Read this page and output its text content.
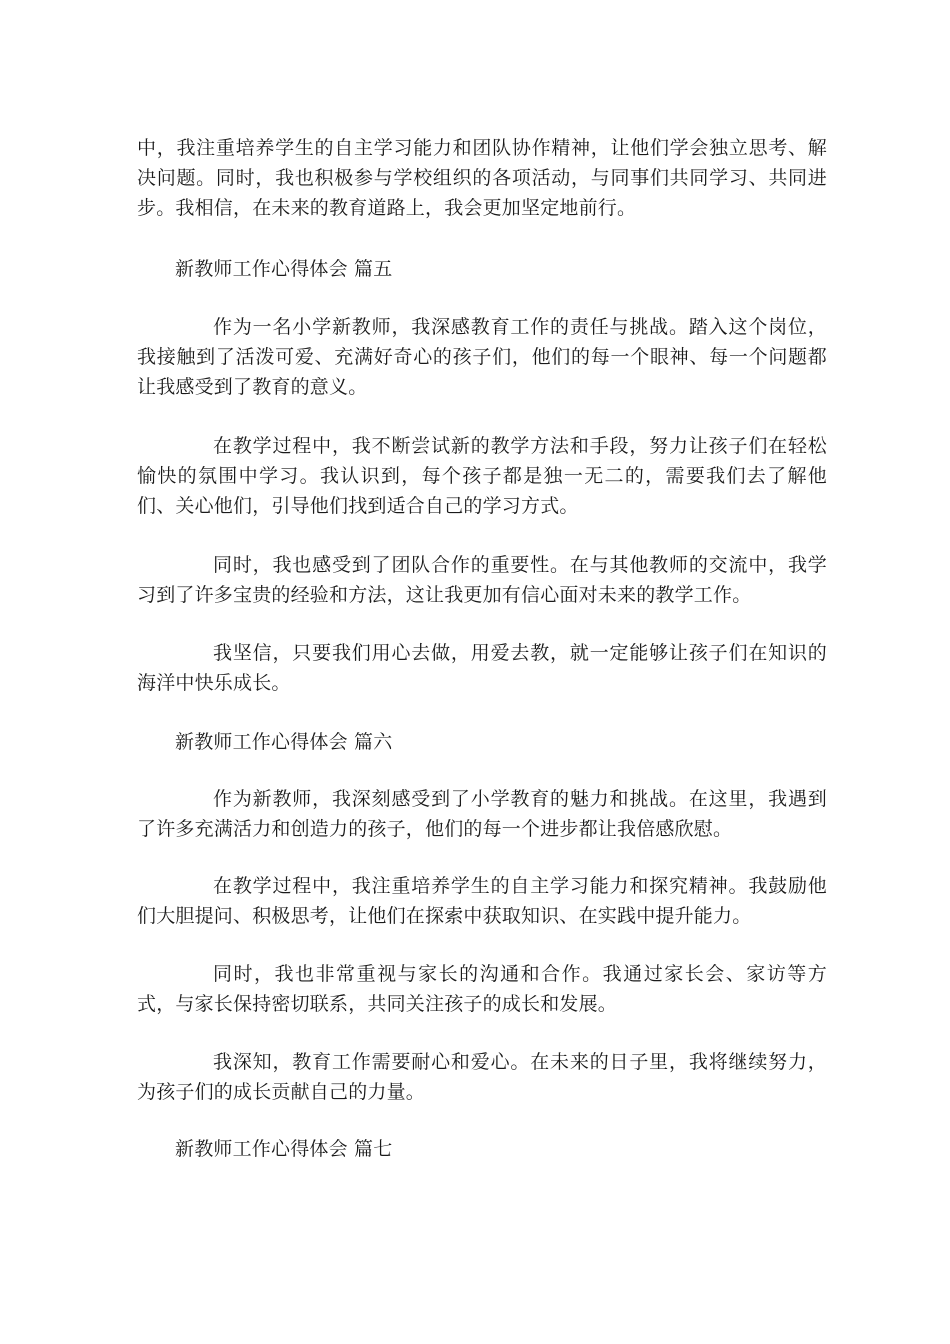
中，我注重培养学生的自主学习能力和团队协作精神，让他们学会独立思考、解决问题。同时，我也积极参与学校组织的各项活动，与同事们共同学习、共同进步。我相信，在未来的教育道路上，我会更加坚定地前行。

新教师工作心得体会 篇五

作为一名小学新教师，我深感教育工作的责任与挑战。踏入这个岗位，我接触到了活泼可爱、充满好奇心的孩子们，他们的每一个眼神、每一个问题都让我感受到了教育的意义。

在教学过程中，我不断尝试新的教学方法和手段，努力让孩子们在轻松愉快的氛围中学习。我认识到，每个孩子都是独一无二的，需要我们去了解他们、关心他们，引导他们找到适合自己的学习方式。

同时，我也感受到了团队合作的重要性。在与其他教师的交流中，我学习到了许多宝贵的经验和方法，这让我更加有信心面对未来的教学工作。

我坚信，只要我们用心去做，用爱去教，就一定能够让孩子们在知识的海洋中快乐成长。

新教师工作心得体会 篇六

作为新教师，我深刻感受到了小学教育的魅力和挑战。在这里，我遇到了许多充满活力和创造力的孩子，他们的每一个进步都让我倍感欣慰。

在教学过程中，我注重培养学生的自主学习能力和探究精神。我鼓励他们大胆提问、积极思考，让他们在探索中获取知识、在实践中提升能力。

同时，我也非常重视与家长的沟通和合作。我通过家长会、家访等方式，与家长保持密切联系，共同关注孩子的成长和发展。

我深知，教育工作需要耐心和爱心。在未来的日子里，我将继续努力，为孩子们的成长贡献自己的力量。

新教师工作心得体会 篇七
